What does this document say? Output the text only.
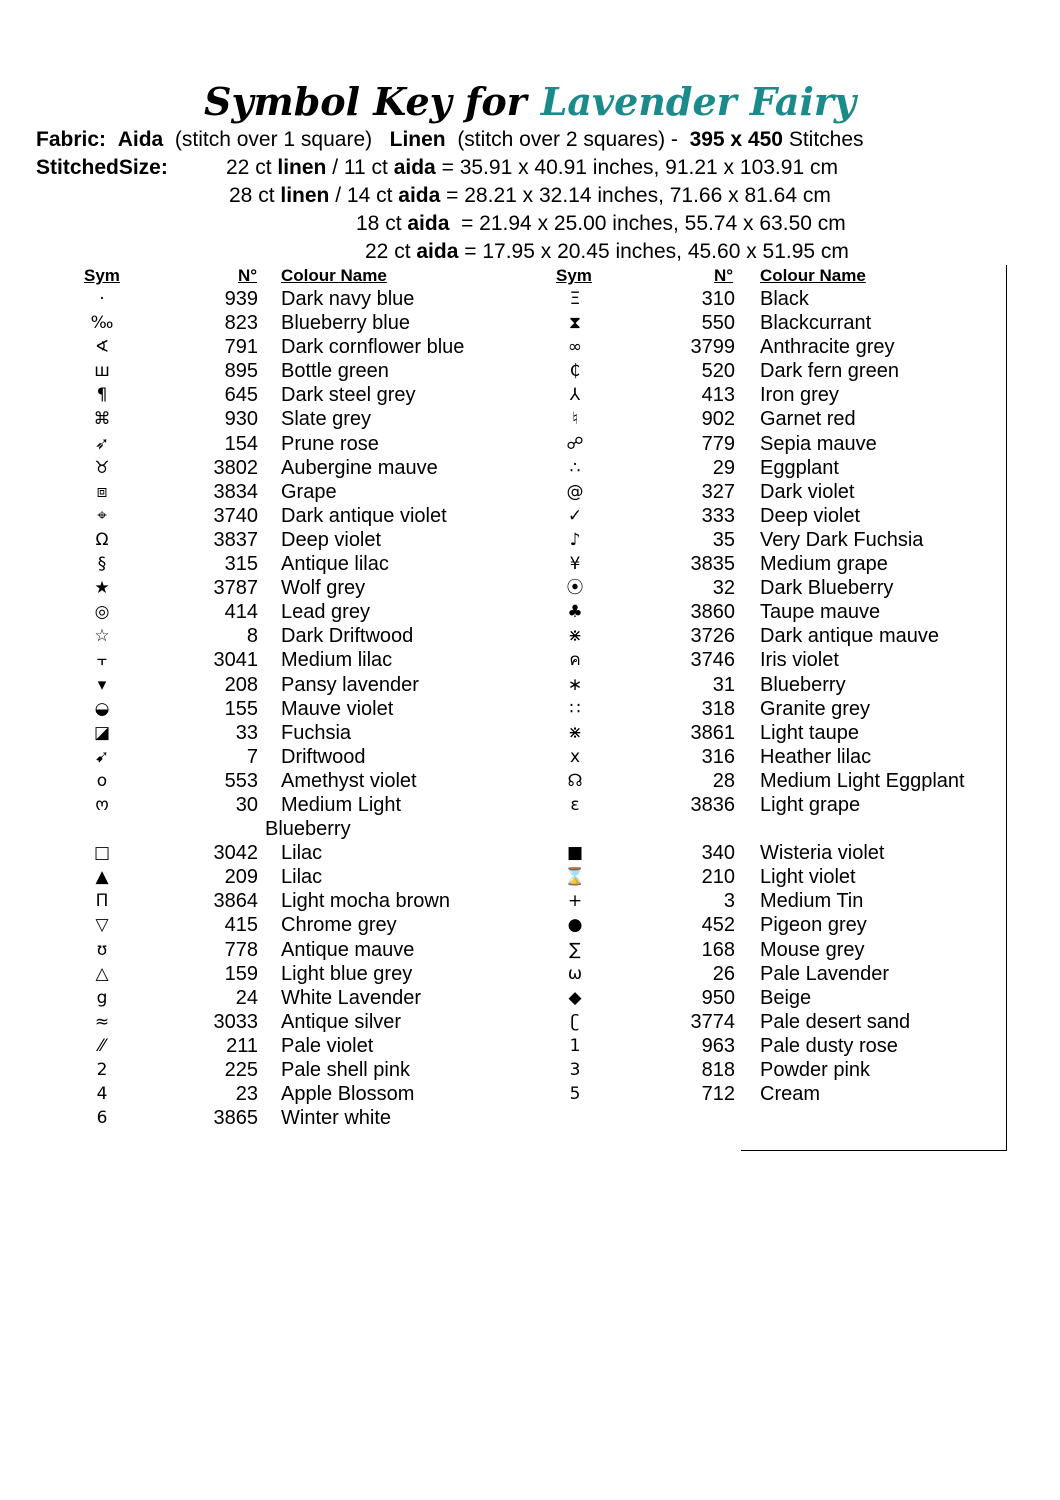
Symbol Key for Lavender Fairy
Fabric: Aida (stitch over 1 square) Linen (stitch over 2 squares) - 395 x 450 Stitches
StitchedSize:	22 ct linen / 11 ct aida = 35.91 x 40.91 inches, 91.21 x 103.91 cm
28 ct linen / 14 ct aida = 28.21 x 32.14 inches, 71.66 x 81.64 cm
18 ct aida  = 21.94 x 25.00 inches, 55.74 x 63.50 cm
22 ct aida = 17.95 x 20.45 inches, 45.60 x 51.95 cm
Sym	N° Colour Name	Sym	N° Colour Name
·	939 Dark navy blue
‰	823 Blueberry blue
∢	791 Dark cornflower blue
ш	895 Bottle green
¶	645 Dark steel grey
⌘	930 Slate grey
➶	154 Prune rose
♉	3802 Aubergine mauve
⧈	3834 Grape
⌖	3740 Dark antique violet
Ω	3837 Deep violet
§	315 Antique lilac
★	3787 Wolf grey
◎	414 Lead grey
☆	8 Dark Driftwood
⫟	3041 Medium lilac
▾	208 Pansy lavender
◒	155 Mauve violet
◪	33 Fuchsia
➹	7 Driftwood
o	553 Amethyst violet
ო	30 Medium Light
Blueberry
□	3042 Lilac
▲	209 Lilac
Π	3864 Light mocha brown
▽	415 Chrome grey
ʊ	778 Antique mauve
△	159 Light blue grey
g	24 White Lavender
≈	3033 Antique silver
⁄⁄	211 Pale violet
2	225 Pale shell pink
4	23 Apple Blossom
6	3865 Winter white
Ξ	310 Black
⧗	550 Blackcurrant
∞	3799 Anthracite grey
₵	520 Dark fern green
⅄	413 Iron grey
♮	902 Garnet red
☍	779 Sepia mauve
∴	29 Eggplant
@	327 Dark violet
✓	333 Deep violet
♪	35 Very Dark Fuchsia
¥	3835 Medium grape
⦿	32 Dark Blueberry
♣	3860 Taupe mauve
⋇	3726 Dark antique mauve
ค	3746 Iris violet
∗	31 Blueberry
∷	318 Granite grey
⋇	3861 Light taupe
x	316 Heather lilac
☊	28 Medium Light Eggplant
ε	3836 Light grape
■	340 Wisteria violet
⌛	210 Light violet
+	3 Medium Tin
●	452 Pigeon grey
∑	168 Mouse grey
ω	26 Pale Lavender
◆	950 Beige
ʗ	3774 Pale desert sand
1	963 Pale dusty rose
3	818 Powder pink
5	712 Cream
